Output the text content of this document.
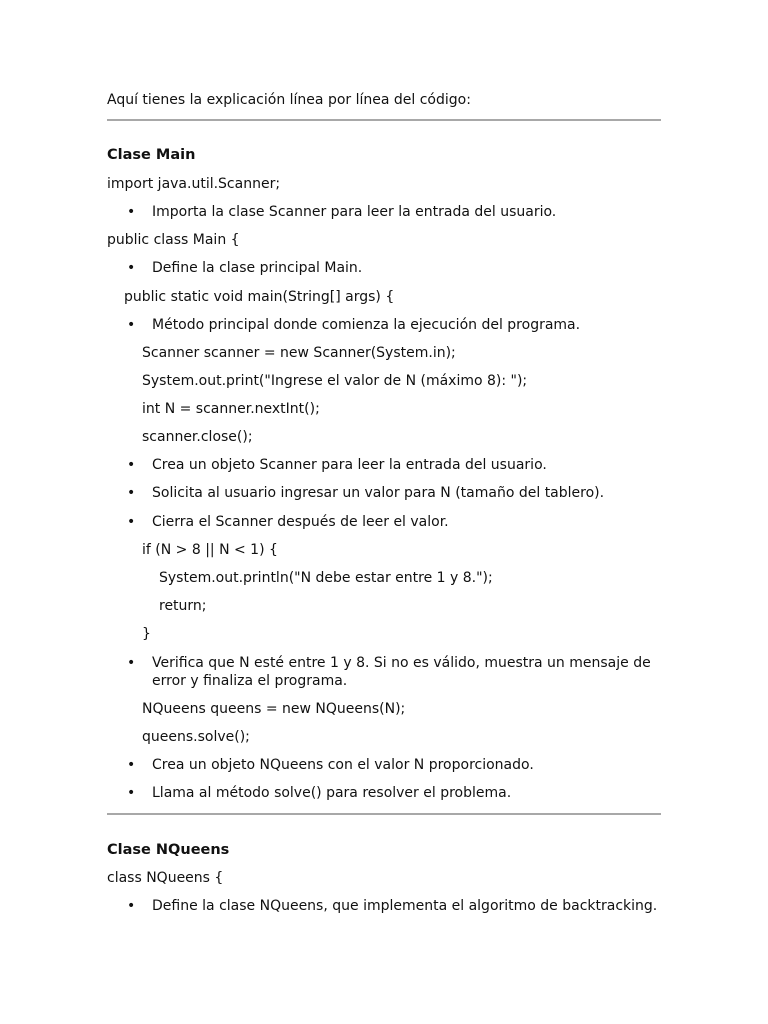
Aquí tienes la explicación línea por línea del código:
Clase Main
import java.util.Scanner;
• Importa la clase Scanner para leer la entrada del usuario.
public class Main {
• Define la clase principal Main.
public static void main(String[] args) {
• Método principal donde comienza la ejecución del programa.
Scanner scanner = new Scanner(System.in);
System.out.print("Ingrese el valor de N (máximo 8): ");
int N = scanner.nextInt();
scanner.close();
• Crea un objeto Scanner para leer la entrada del usuario.
• Solicita al usuario ingresar un valor para N (tamaño del tablero).
• Cierra el Scanner después de leer el valor.
if (N > 8 || N < 1) {
System.out.println("N debe estar entre 1 y 8.");
return;
}
• Verifica que N esté entre 1 y 8. Si no es válido, muestra un mensaje de error y finaliza el programa.
NQueens queens = new NQueens(N);
queens.solve();
• Crea un objeto NQueens con el valor N proporcionado.
• Llama al método solve() para resolver el problema.
Clase NQueens
class NQueens {
• Define la clase NQueens, que implementa el algoritmo de backtracking.
